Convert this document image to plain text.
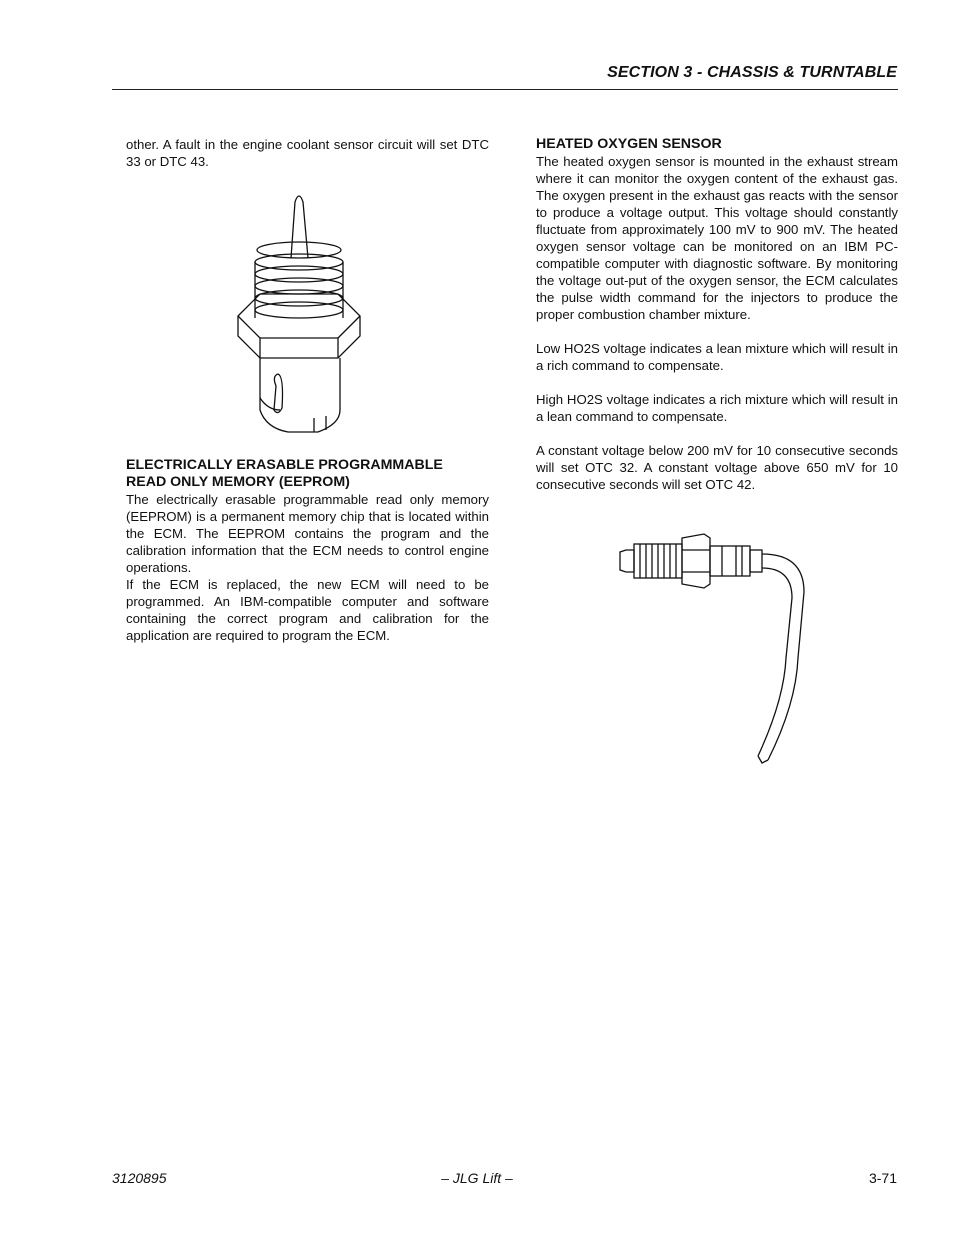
SECTION 3 - CHASSIS & TURNTABLE

other. A fault in the engine coolant sensor circuit will set DTC 33 or DTC 43.

ELECTRICALLY ERASABLE PROGRAMMABLE
READ ONLY MEMORY (EEPROM)

The electrically erasable programmable read only memory (EEPROM) is a permanent memory chip that is located within the ECM. The EEPROM contains the program and the calibration information that the ECM needs to control engine operations.

If the ECM is replaced, the new ECM will need to be programmed. An IBM-compatible computer and software containing the correct program and calibration for the application are required to program the ECM.

HEATED OXYGEN SENSOR

The heated oxygen sensor is mounted in the exhaust stream where it can monitor the oxygen content of the exhaust gas. The oxygen present in the exhaust gas reacts with the sensor to produce a voltage output. This voltage should constantly fluctuate from approximately 100 mV to 900 mV. The heated oxygen sensor voltage can be monitored on an IBM PC-compatible computer with diagnostic software. By monitoring the voltage out-put of the oxygen sensor, the ECM calculates the pulse width command for the injectors to produce the proper combustion chamber mixture.

Low HO2S voltage indicates a lean mixture which will result in a rich command to compensate.

High HO2S voltage indicates a rich mixture which will result in a lean command to compensate.

A constant voltage below 200 mV for 10 consecutive seconds will set OTC 32. A constant voltage above 650 mV for 10 consecutive seconds will set OTC 42.

3120895	– JLG Lift –	3-71
